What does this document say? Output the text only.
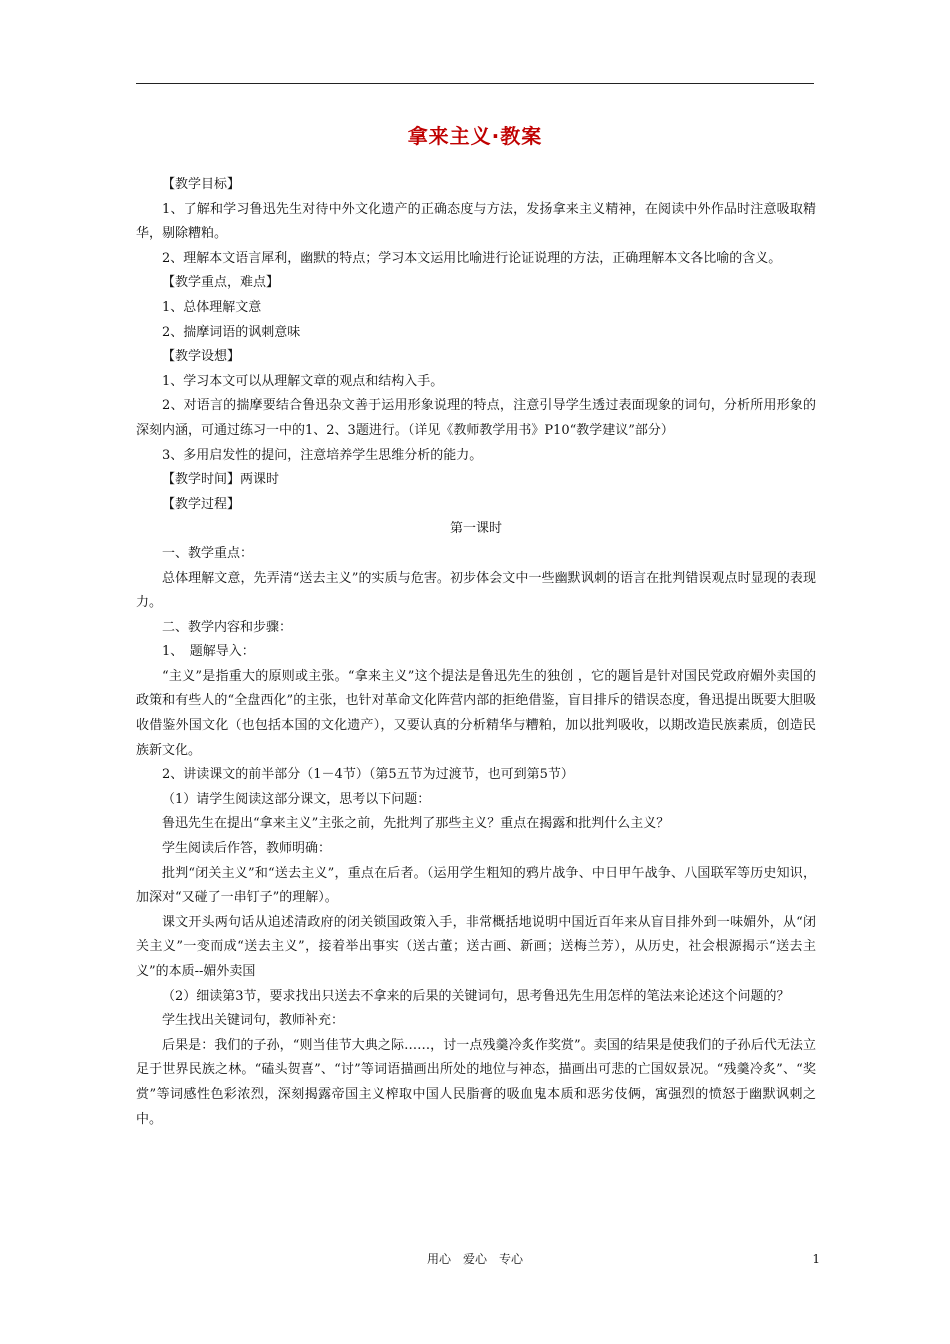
拿来主义·教案

【教学目标】

1、了解和学习鲁迅先生对待中外文化遗产的正确态度与方法，发扬拿来主义精神，在阅读中外作品时注意吸取精华，剔除糟粕。

2、理解本文语言犀利，幽默的特点；学习本文运用比喻进行论证说理的方法，正确理解本文各比喻的含义。

【教学重点，难点】

1、总体理解文意

2、揣摩词语的讽刺意味

【教学设想】

1、学习本文可以从理解文章的观点和结构入手。

2、对语言的揣摩要结合鲁迅杂文善于运用形象说理的特点，注意引导学生透过表面现象的词句，分析所用形象的深刻内涵，可通过练习一中的1、2、3题进行。（详见《教师教学用书》P10“教学建议”部分）

3、多用启发性的提问，注意培养学生思维分析的能力。

【教学时间】两课时

【教学过程】

第一课时

一、教学重点：

总体理解文意，先弄清“送去主义”的实质与危害。初步体会文中一些幽默讽刺的语言在批判错误观点时显现的表现力。

二、教学内容和步骤：

1、　题解导入：

“主义”是指重大的原则或主张。“拿来主义”这个提法是鲁迅先生的独创 ，它的题旨是针对国民党政府媚外卖国的政策和有些人的“全盘西化”的主张，也针对革命文化阵营内部的拒绝借鉴，盲目排斥的错误态度，鲁迅提出既要大胆吸收借鉴外国文化（也包括本国的文化遗产），又要认真的分析精华与糟粕，加以批判吸收，以期改造民族素质，创造民族新文化。

2、讲读课文的前半部分（1－4节）（第5五节为过渡节，也可到第5节）

（1）请学生阅读这部分课文，思考以下问题：

鲁迅先生在提出“拿来主义”主张之前，先批判了那些主义？重点在揭露和批判什么主义？

学生阅读后作答，教师明确：

批判“闭关主义”和“送去主义”，重点在后者。（运用学生粗知的鸦片战争、中日甲午战争、八国联军等历史知识，加深对“又碰了一串钉子”的理解）。

课文开头两句话从追述清政府的闭关锁国政策入手，非常概括地说明中国近百年来从盲目排外到一味媚外，从“闭关主义”一变而成“送去主义”，接着举出事实（送古董；送古画、新画；送梅兰芳），从历史，社会根源揭示“送去主义”的本质--媚外卖国

（2）细读第3节，要求找出只送去不拿来的后果的关键词句，思考鲁迅先生用怎样的笔法来论述这个问题的？

学生找出关键词句，教师补充：

后果是：我们的子孙，“则当佳节大典之际……，讨一点残羹冷炙作奖赏”。卖国的结果是使我们的子孙后代无法立足于世界民族之林。“磕头贺喜”、“讨”等词语描画出所处的地位与神态，描画出可悲的亡国奴景况。“残羹冷炙”、“奖赏”等词感性色彩浓烈，深刻揭露帝国主义榨取中国人民脂膏的吸血鬼本质和恶劣伎俩，寓强烈的愤怒于幽默讽刺之中。

用心　爱心　专心	1
